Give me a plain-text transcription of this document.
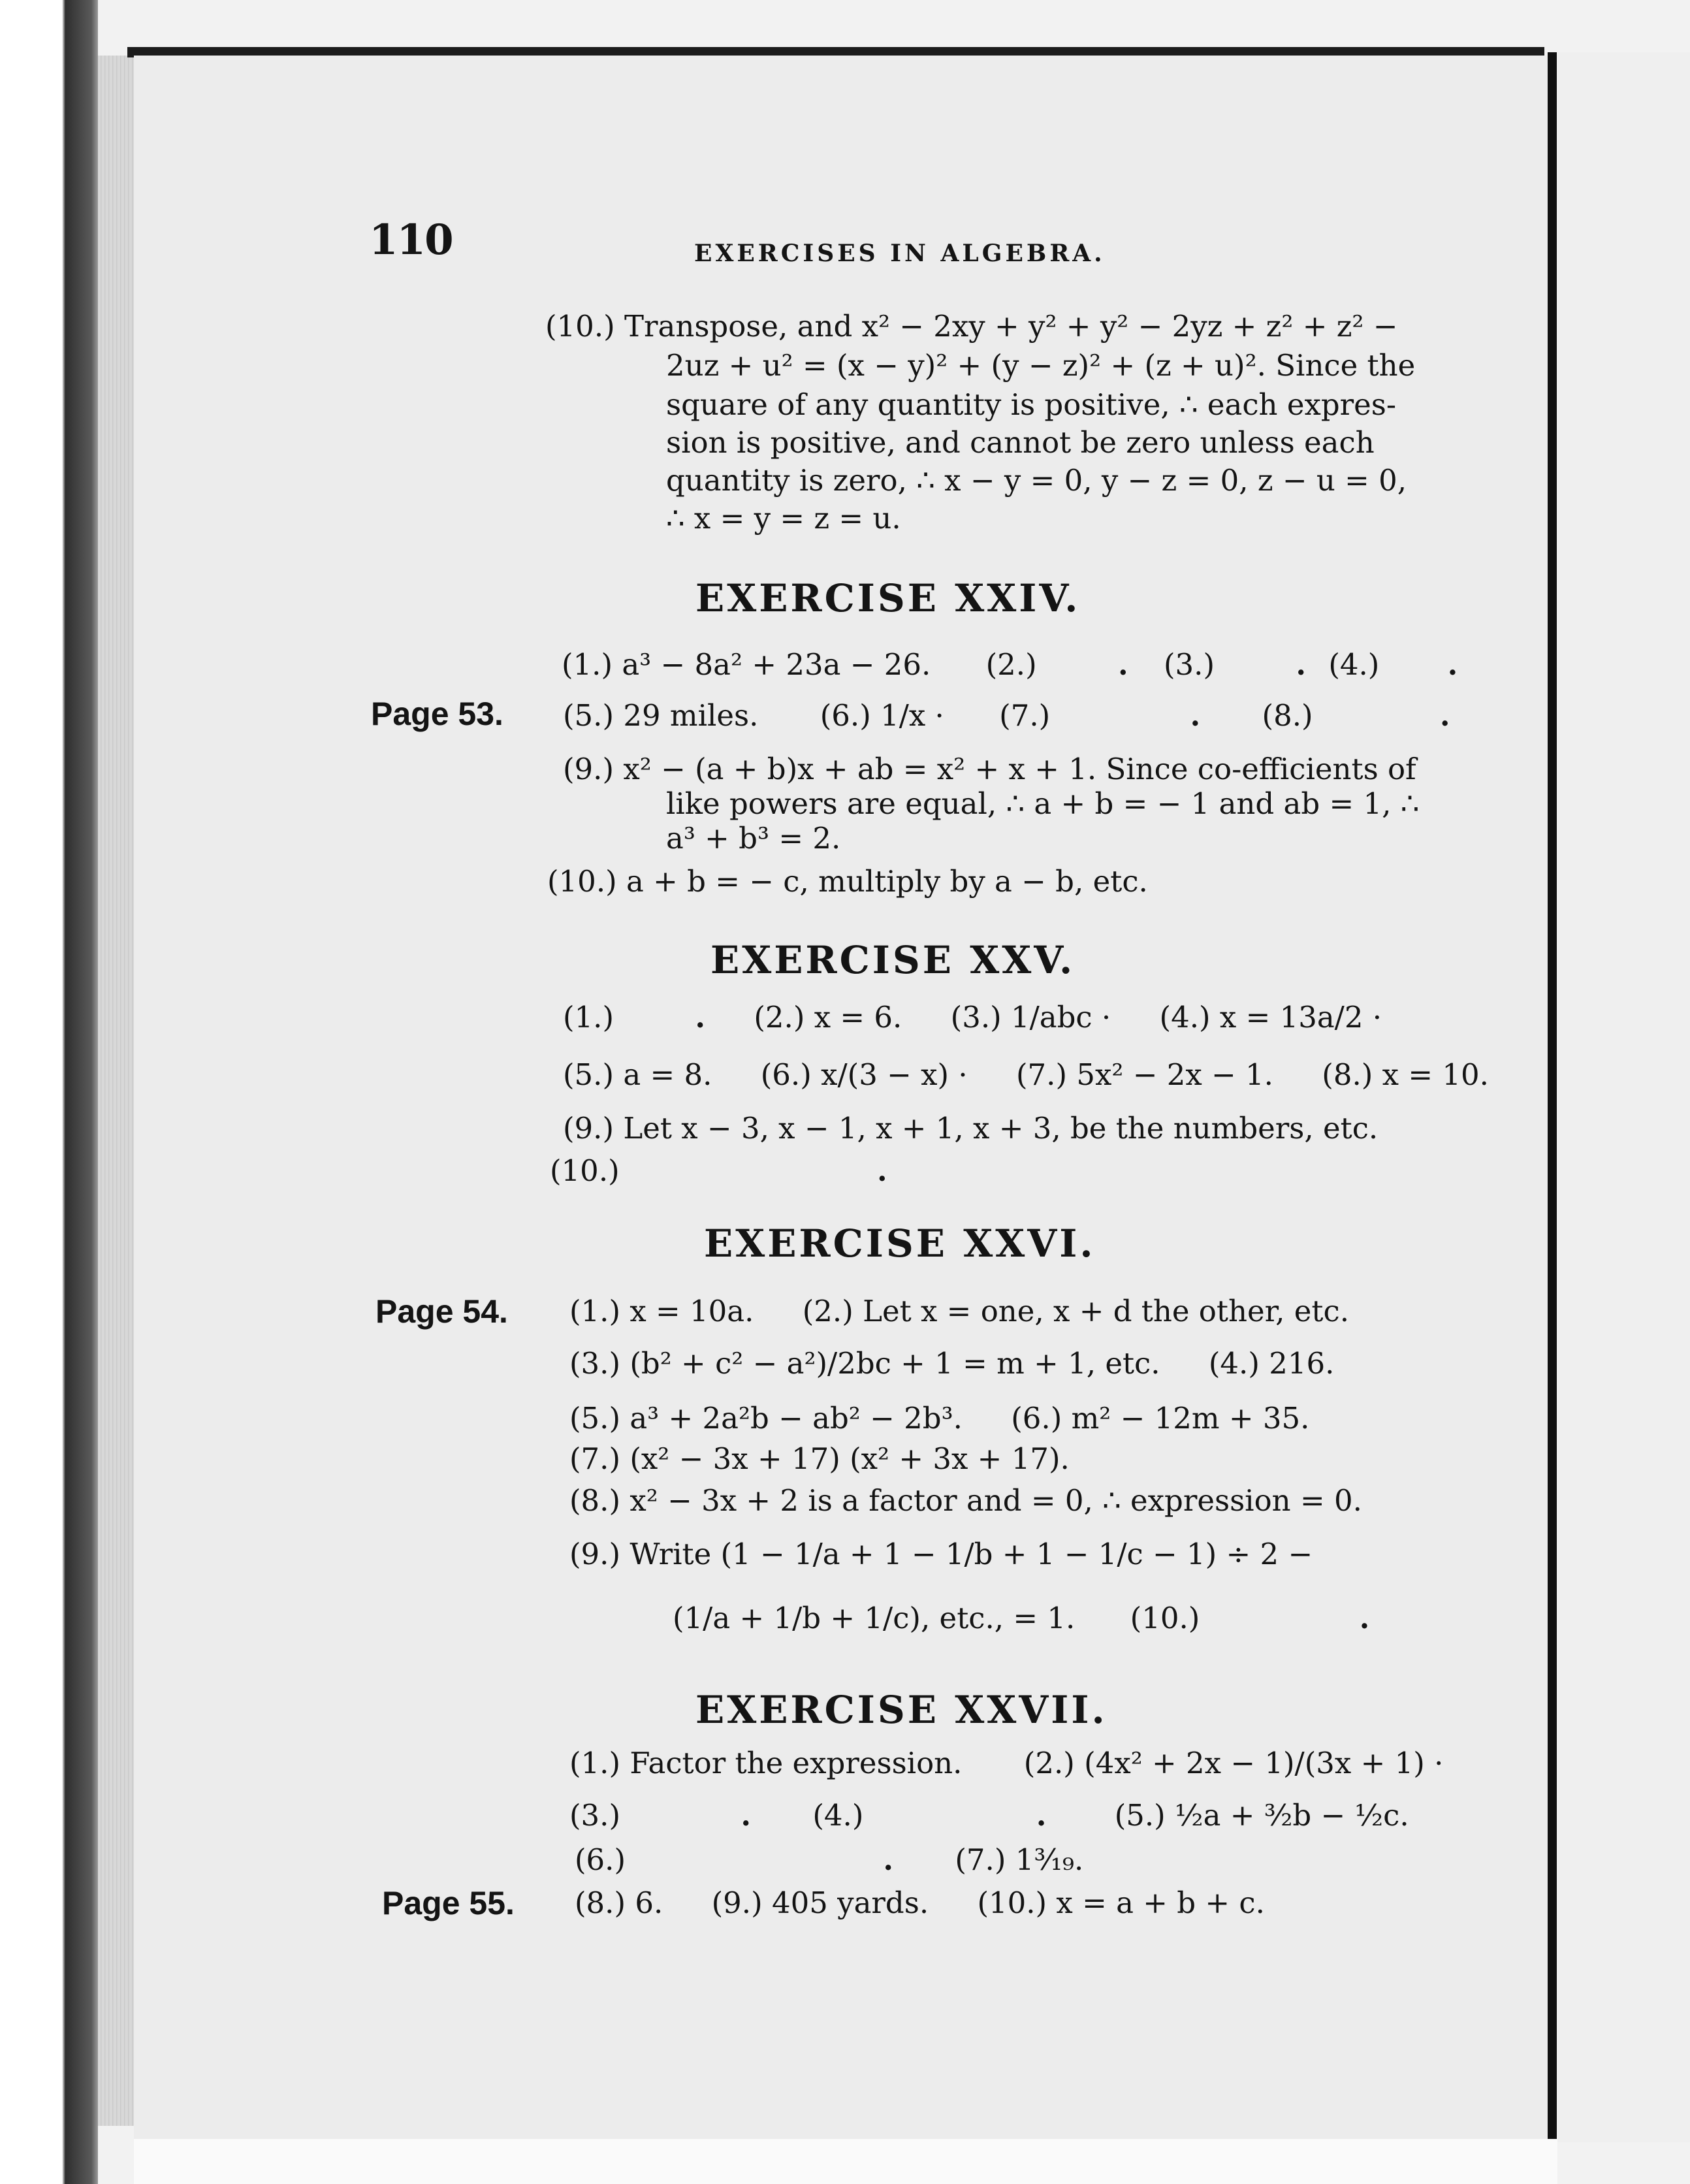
110	EXERCISES IN ALGEBRA.
(10.) Transpose, and x² − 2xy + y² + y² − 2yz + z² + z² −
2uz + u² = (x − y)² + (y − z)² + (z + u)². Since the
square of any quantity is positive, ∴ each expres-
sion is positive, and cannot be zero unless each
quantity is zero, ∴ x − y = 0, y − z = 0, z − u = 0,
∴ x = y = z = u.
EXERCISE XXIV.
(1.) a³ − 8a² + 23a − 26. (2.)	. (3.)	. (4.) .
Page 53. (5.) 29 miles. (6.) 1/x · (7.)	. (8.)	.
(9.) x² − (a + b)x + ab = x² + x + 1. Since co-efficients of
like powers are equal, ∴ a + b = − 1 and ab = 1, ∴
a³ + b³ = 2.
(10.) a + b = − c, multiply by a − b, etc.
EXERCISE XXV.
(1.)	. (2.) x = 6. (3.) 1/abc · (4.) x = 13a/2 ·
(5.) a = 8. (6.) x/(3 − x) · (7.) 5x² − 2x − 1. (8.) x = 10.
(9.) Let x − 3, x − 1, x + 1, x + 3, be the numbers, etc.
(10.)	.
EXERCISE XXVI.
Page 54. (1.) x = 10a. (2.) Let x = one, x + d the other, etc.
(3.) (b² + c² − a²)/2bc + 1 = m + 1, etc. (4.) 216.
(5.) a³ + 2a²b − ab² − 2b³. (6.) m² − 12m + 35.
(7.) (x² − 3x + 17) (x² + 3x + 17).
(8.) x² − 3x + 2 is a factor and = 0, ∴ expression = 0.
(9.) Write (1 − 1/a + 1 − 1/b + 1 − 1/c − 1) ÷ 2 −
(1/a + 1/b + 1/c), etc., = 1. (10.)	.
EXERCISE XXVII.
(1.) Factor the expression. (2.) (4x² + 2x − 1)/(3x + 1) ·
(3.)	. (4.)	. (5.) ½a + ³⁄₂b − ½c.
(6.)	. (7.) 1³⁄₁₉.
Page 55. (8.) 6. (9.) 405 yards. (10.) x = a + b + c.
